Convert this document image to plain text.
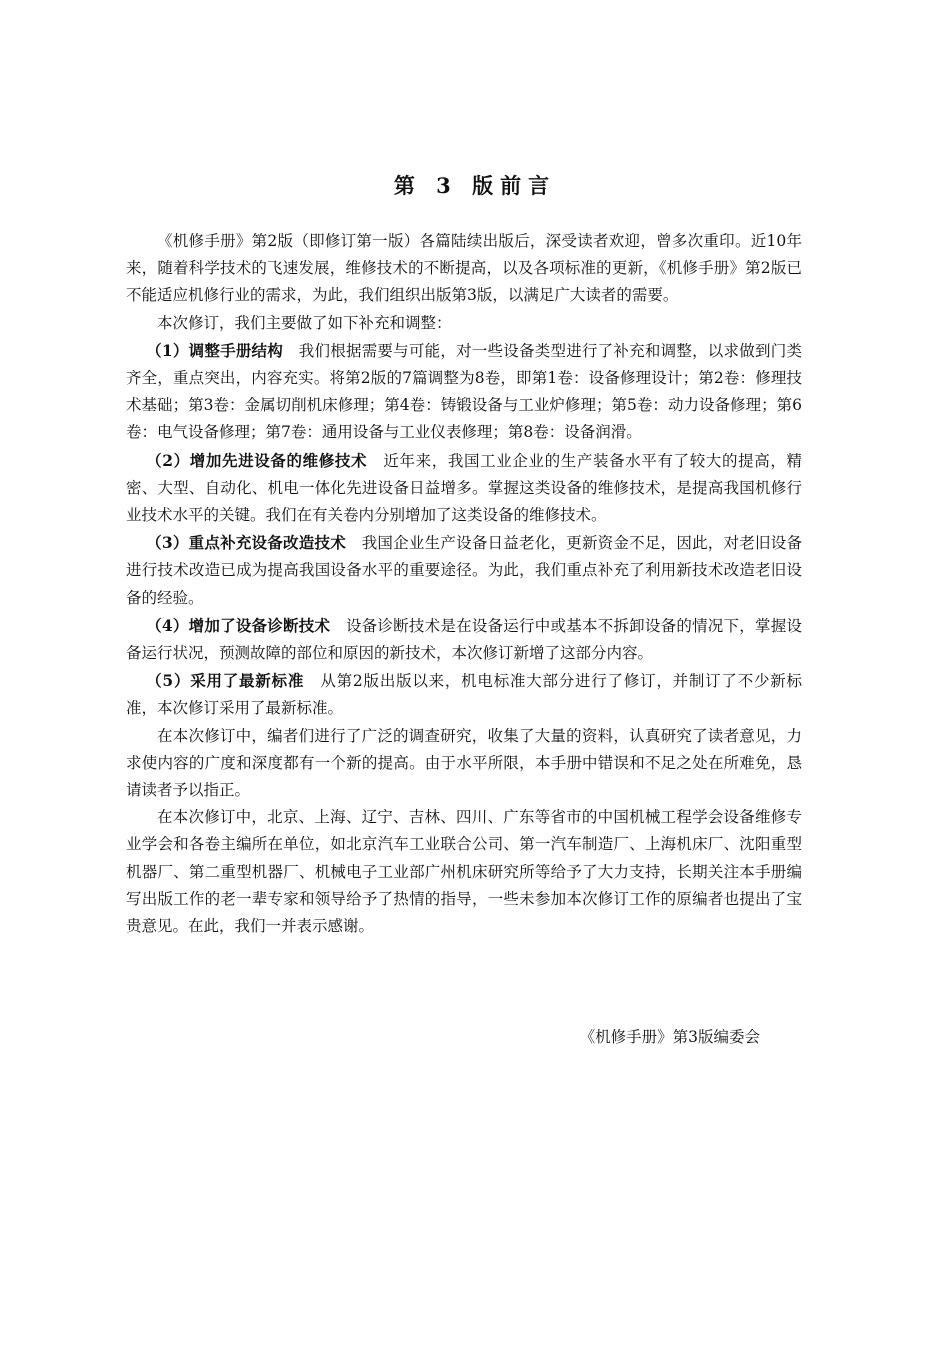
第 3 版前言

《机修手册》第2版（即修订第一版）各篇陆续出版后，深受读者欢迎，曾多次重印。近10年来，随着科学技术的飞速发展，维修技术的不断提高，以及各项标准的更新，《机修手册》第2版已不能适应机修行业的需求，为此，我们组织出版第3版，以满足广大读者的需要。

本次修订，我们主要做了如下补充和调整：

（1）调整手册结构　 我们根据需要与可能，对一些设备类型进行了补充和调整，以求做到门类齐全，重点突出，内容充实。将第2版的7篇调整为8卷，即第1卷：设备修理设计；第2卷：修理技术基础；第3卷：金属切削机床修理；第4卷：铸锻设备与工业炉修理；第5卷：动力设备修理；第6卷：电气设备修理；第7卷：通用设备与工业仪表修理；第8卷：设备润滑。

（2）增加先进设备的维修技术　 近年来，我国工业企业的生产装备水平有了较大的提高，精密、大型、自动化、机电一体化先进设备日益增多。掌握这类设备的维修技术，是提高我国机修行业技术水平的关键。我们在有关卷内分别增加了这类设备的维修技术。

（3）重点补充设备改造技术　 我国企业生产设备日益老化，更新资金不足，因此，对老旧设备进行技术改造已成为提高我国设备水平的重要途径。为此，我们重点补充了利用新技术改造老旧设备的经验。

（4）增加了设备诊断技术　 设备诊断技术是在设备运行中或基本不拆卸设备的情况下，掌握设备运行状况，预测故障的部位和原因的新技术，本次修订新增了这部分内容。

（5）采用了最新标准　 从第2版出版以来，机电标准大部分进行了修订，并制订了不少新标准，本次修订采用了最新标准。

在本次修订中，编者们进行了广泛的调查研究，收集了大量的资料，认真研究了读者意见，力求使内容的广度和深度都有一个新的提高。由于水平所限，本手册中错误和不足之处在所难免，恳请读者予以指正。

在本次修订中，北京、上海、辽宁、吉林、四川、广东等省市的中国机械工程学会设备维修专业学会和各卷主编所在单位，如北京汽车工业联合公司、第一汽车制造厂、上海机床厂、沈阳重型机器厂、第二重型机器厂、机械电子工业部广州机床研究所等给予了大力支持，长期关注本手册编写出版工作的老一辈专家和领导给予了热情的指导，一些未参加本次修订工作的原编者也提出了宝贵意见。在此，我们一并表示感谢。

《机修手册》第3版编委会
